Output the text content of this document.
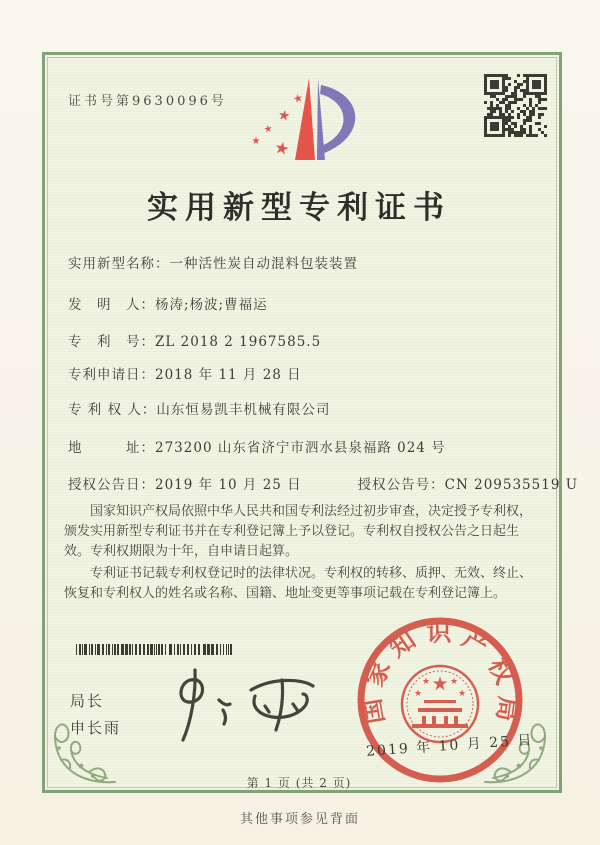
证书号第9630096号	★
★
★
★ ★
实用新型专利证书
实用新型名称：一种活性炭自动混料包装装置
发　明　人：杨涛;杨波;曹福运
专　利　号：ZL 2018 2 1967585.5
专利申请日：2018 年 11 月 28 日
专 利 权 人：山东恒易凯丰机械有限公司
地　　　址：273200 山东省济宁市泗水县泉福路 024 号
授权公告日：2019 年 10 月 25 日	授权公告号：CN 209535519 U

国家知识产权局依照中华人民共和国专利法经过初步审查，决定授予专利权，颁发实用新型专利证书并在专利登记簿上予以登记。专利权自授权公告之日起生效。专利权期限为十年，自申请日起算。

专利证书记载专利权登记时的法律状况。专利权的转移、质押、无效、终止、恢复和专利权人的姓名或名称、国籍、地址变更等事项记载在专利登记簿上。

局长
申长雨
国家知识产权局
★
★
★ ★
★
2019 年 10 月 25 日
第 1 页 (共 2 页)
其他事项参见背面
